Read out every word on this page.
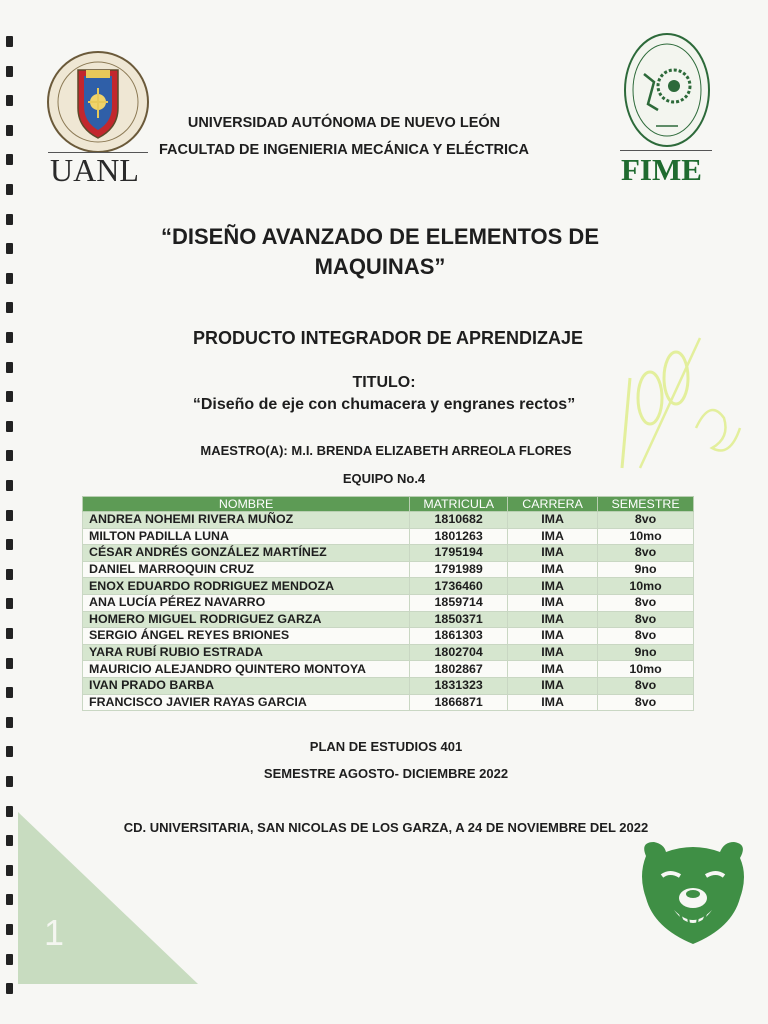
UANL	FIME
UNIVERSIDAD AUTÓNOMA DE NUEVO LEÓN
FACULTAD DE INGENIERIA MECÁNICA Y ELÉCTRICA
“DISEÑO AVANZADO DE ELEMENTOS DE
MAQUINAS”
PRODUCTO INTEGRADOR DE APRENDIZAJE
TITULO:
“Diseño de eje con chumacera y engranes rectos”
MAESTRO(A): M.I. BRENDA ELIZABETH ARREOLA FLORES
EQUIPO No.4
NOMBRE	MATRICULA	CARRERA	SEMESTRE
ANDREA NOHEMI RIVERA MUÑOZ	1810682	IMA	8vo
MILTON PADILLA LUNA	1801263	IMA	10mo
CÉSAR ANDRÉS GONZÁLEZ MARTÍNEZ	1795194	IMA	8vo
DANIEL MARROQUIN CRUZ	1791989	IMA	9no
ENOX EDUARDO RODRIGUEZ MENDOZA	1736460	IMA	10mo
ANA LUCÍA PÉREZ NAVARRO	1859714	IMA	8vo
HOMERO MIGUEL RODRIGUEZ GARZA	1850371	IMA	8vo
SERGIO ÁNGEL REYES BRIONES	1861303	IMA	8vo
YARA RUBÍ RUBIO ESTRADA	1802704	IMA	9no
MAURICIO ALEJANDRO QUINTERO MONTOYA	1802867	IMA	10mo
IVAN PRADO BARBA	1831323	IMA	8vo
FRANCISCO JAVIER RAYAS GARCIA	1866871	IMA	8vo
PLAN DE ESTUDIOS 401
SEMESTRE AGOSTO- DICIEMBRE 2022
CD. UNIVERSITARIA, SAN NICOLAS DE LOS GARZA, A 24 DE NOVIEMBRE DEL 2022
1
